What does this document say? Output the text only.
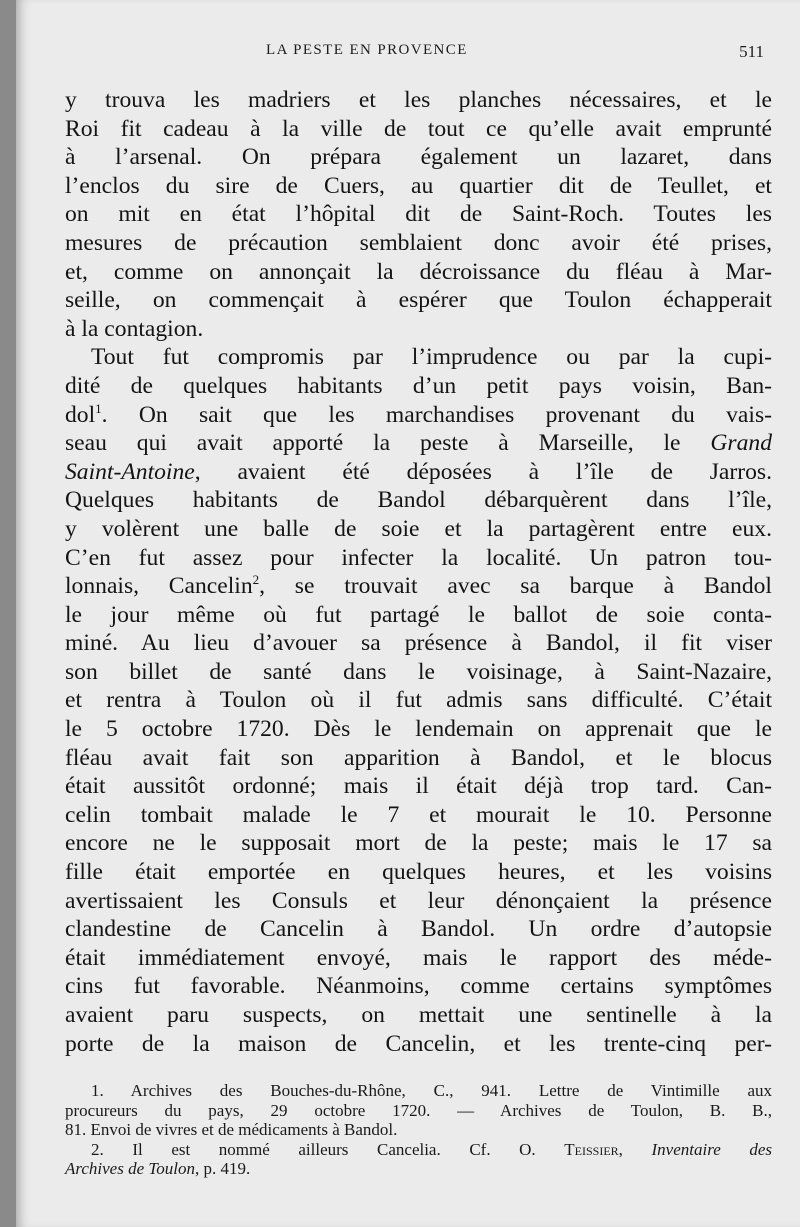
LA PESTE EN PROVENCE	511
y trouva les madriers et les planches nécessaires, et le
Roi fit cadeau à la ville de tout ce qu’elle avait emprunté
à l’arsenal. On prépara également un lazaret, dans
l’enclos du sire de Cuers, au quartier dit de Teullet, et
on mit en état l’hôpital dit de Saint-Roch. Toutes les
mesures de précaution semblaient donc avoir été prises,
et, comme on annonçait la décroissance du fléau à Mar-
seille, on commençait à espérer que Toulon échapperait
à la contagion.
Tout fut compromis par l’imprudence ou par la cupi-
dité de quelques habitants d’un petit pays voisin, Ban-
dol$^1$. On sait que les marchandises provenant du vais-
seau qui avait apporté la peste à Marseille, le Grand
Saint-Antoine, avaient été déposées à l’île de Jarros.
Quelques habitants de Bandol débarquèrent dans l’île,
y volèrent une balle de soie et la partagèrent entre eux.
C’en fut assez pour infecter la localité. Un patron tou-
lonnais, Cancelin$^2$, se trouvait avec sa barque à Bandol
le jour même où fut partagé le ballot de soie conta-
miné. Au lieu d’avouer sa présence à Bandol, il fit viser
son billet de santé dans le voisinage, à Saint-Nazaire,
et rentra à Toulon où il fut admis sans difficulté. C’était
le 5 octobre 1720. Dès le lendemain on apprenait que le
fléau avait fait son apparition à Bandol, et le blocus
était aussitôt ordonné; mais il était déjà trop tard. Can-
celin tombait malade le 7 et mourait le 10. Personne
encore ne le supposait mort de la peste; mais le 17 sa
fille était emportée en quelques heures, et les voisins
avertissaient les Consuls et leur dénonçaient la présence
clandestine de Cancelin à Bandol. Un ordre d’autopsie
était immédiatement envoyé, mais le rapport des méde-
cins fut favorable. Néanmoins, comme certains symptômes
avaient paru suspects, on mettait une sentinelle à la
porte de la maison de Cancelin, et les trente-cinq per-
1. Archives des Bouches-du-Rhône, C., 941. Lettre de Vintimille aux
procureurs du pays, 29 octobre 1720. — Archives de Toulon, B. B.,
81. Envoi de vivres et de médicaments à Bandol.
2. Il est nommé ailleurs Cancelia. Cf. O. Teissier, Inventaire des
Archives de Toulon, p. 419.
